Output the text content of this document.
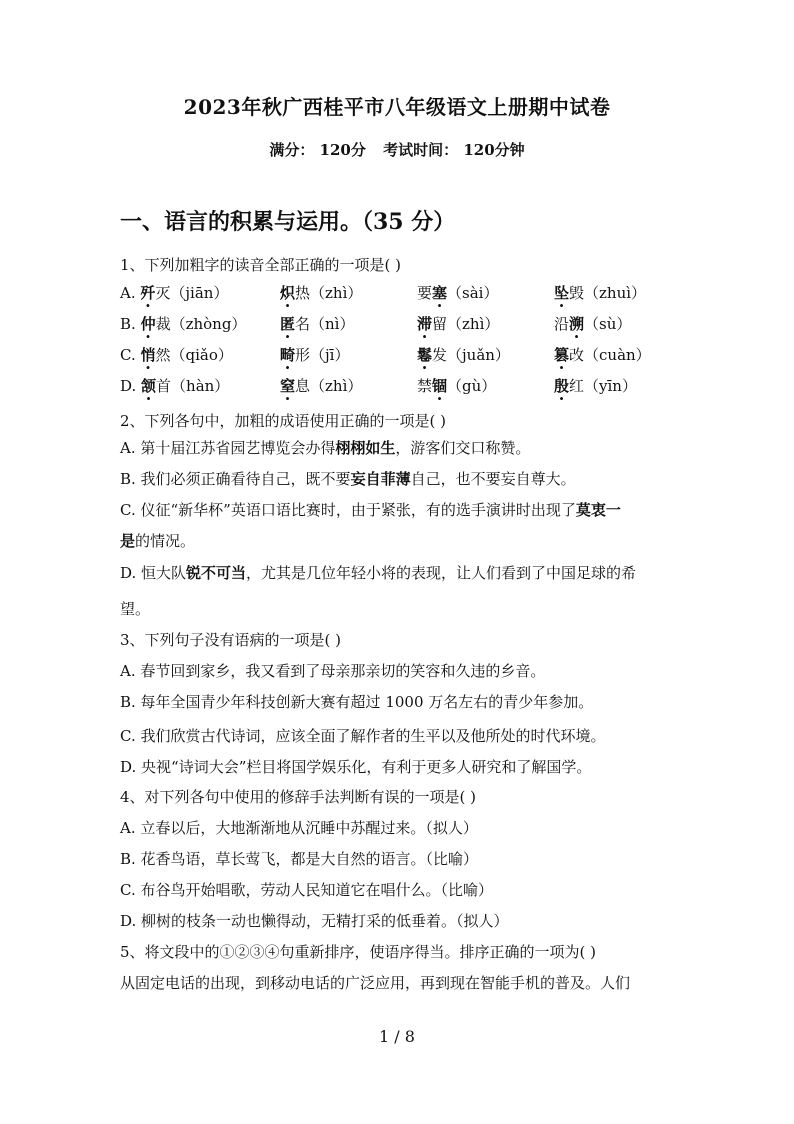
2023年秋广西桂平市八年级语文上册期中试卷
满分： 120分 考试时间： 120分钟
一、语言的积累与运用。（35 分）
1、下列加粗字的读音全部正确的一项是( )
A. 歼灭（jiān）	炽热（zhì）	要塞（sài）	坠毁（zhuì）
B. 仲裁（zhòng）	匿名（nì）	滞留（zhì）	沿溯（sù）
C. 悄然（qiǎo）	畸形（jī）	鬈发（juǎn）	篡改（cuàn）
D. 颔首（hàn）	窒息（zhì）	禁锢（gù）	殷红（yīn）
2、下列各句中，加粗的成语使用正确的一项是( )
A. 第十届江苏省园艺博览会办得栩栩如生，游客们交口称赞。
B. 我们必须正确看待自己，既不要妄自菲薄自己，也不要妄自尊大。
C. 仪征“新华杯”英语口语比赛时，由于紧张，有的选手演讲时出现了莫衷一
是的情况。
D. 恒大队锐不可当，尤其是几位年轻小将的表现，让人们看到了中国足球的希
望。
3、下列句子没有语病的一项是( )
A. 春节回到家乡，我又看到了母亲那亲切的笑容和久违的乡音。
B. 每年全国青少年科技创新大赛有超过 1000 万名左右的青少年参加。
C. 我们欣赏古代诗词，应该全面了解作者的生平以及他所处的时代环境。
D. 央视“诗词大会”栏目将国学娱乐化，有利于更多人研究和了解国学。
4、对下列各句中使用的修辞手法判断有误的一项是( )
A. 立春以后，大地渐渐地从沉睡中苏醒过来。（拟人）
B. 花香鸟语，草长莺飞，都是大自然的语言。（比喻）
C. 布谷鸟开始唱歌，劳动人民知道它在唱什么。（比喻）
D. 柳树的枝条一动也懒得动，无精打采的低垂着。（拟人）
5、将文段中的①②③④句重新排序，使语序得当。排序正确的一项为( )
从固定电话的出现，到移动电话的广泛应用，再到现在智能手机的普及。人们
1 / 8
